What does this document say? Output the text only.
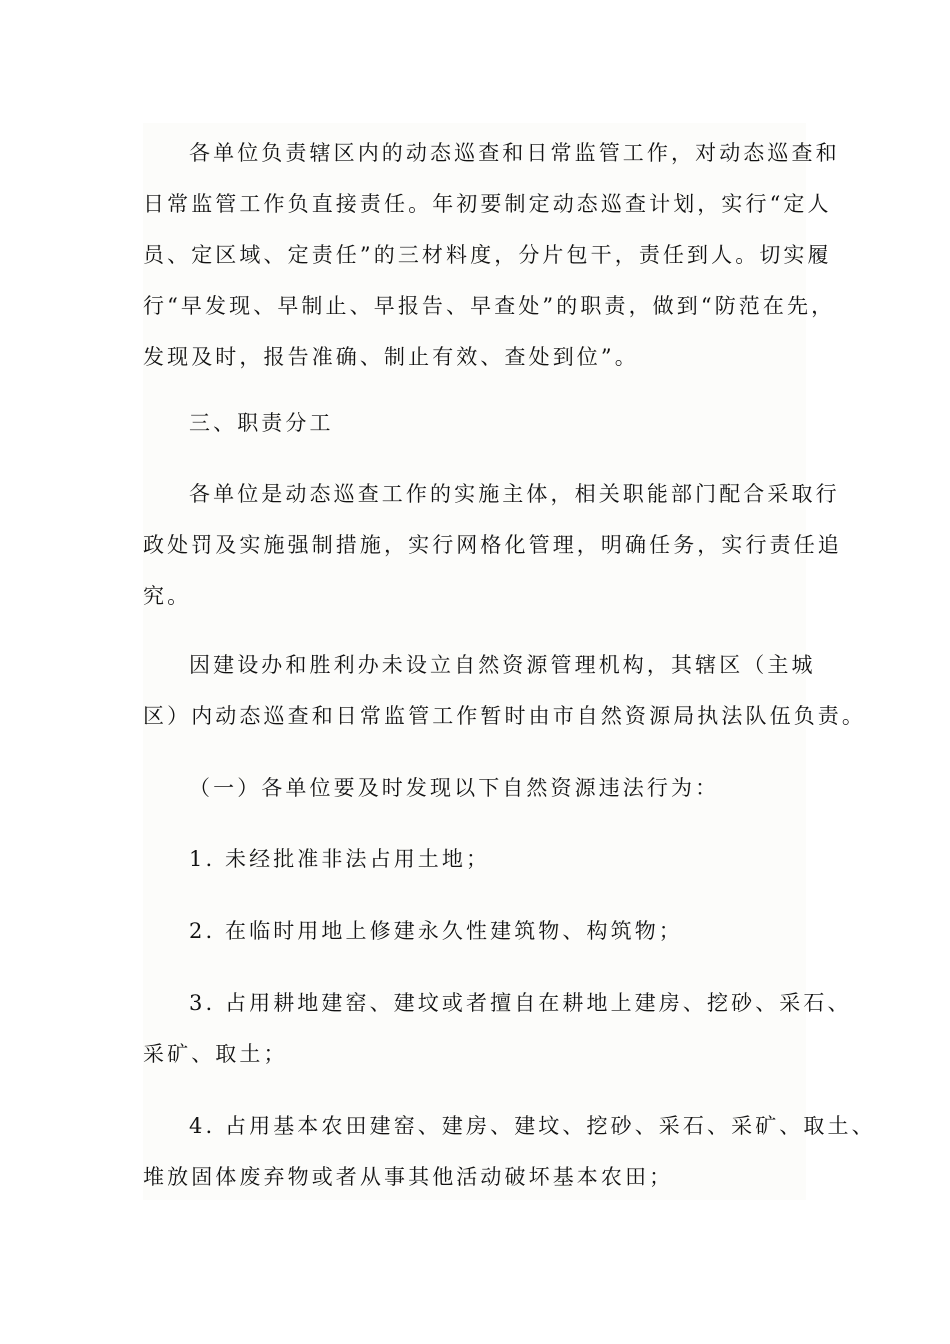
各单位负责辖区内的动态巡查和日常监管工作，对动态巡查和
日常监管工作负直接责任。年初要制定动态巡查计划，实行“定人
员、定区域、定责任”的三材料度，分片包干，责任到人。切实履
行“早发现、早制止、早报告、早查处”的职责，做到“防范在先，
发现及时，报告准确、制止有效、查处到位”。
三、职责分工
各单位是动态巡查工作的实施主体，相关职能部门配合采取行
政处罚及实施强制措施，实行网格化管理，明确任务，实行责任追
究。
因建设办和胜利办未设立自然资源管理机构，其辖区（主城
区）内动态巡查和日常监管工作暂时由市自然资源局执法队伍负责。
（一）各单位要及时发现以下自然资源违法行为：
1. 未经批准非法占用土地；
2. 在临时用地上修建永久性建筑物、构筑物；
3. 占用耕地建窑、建坟或者擅自在耕地上建房、挖砂、采石、
采矿、取土；
4. 占用基本农田建窑、建房、建坟、挖砂、采石、采矿、取土、
堆放固体废弃物或者从事其他活动破坏基本农田；
